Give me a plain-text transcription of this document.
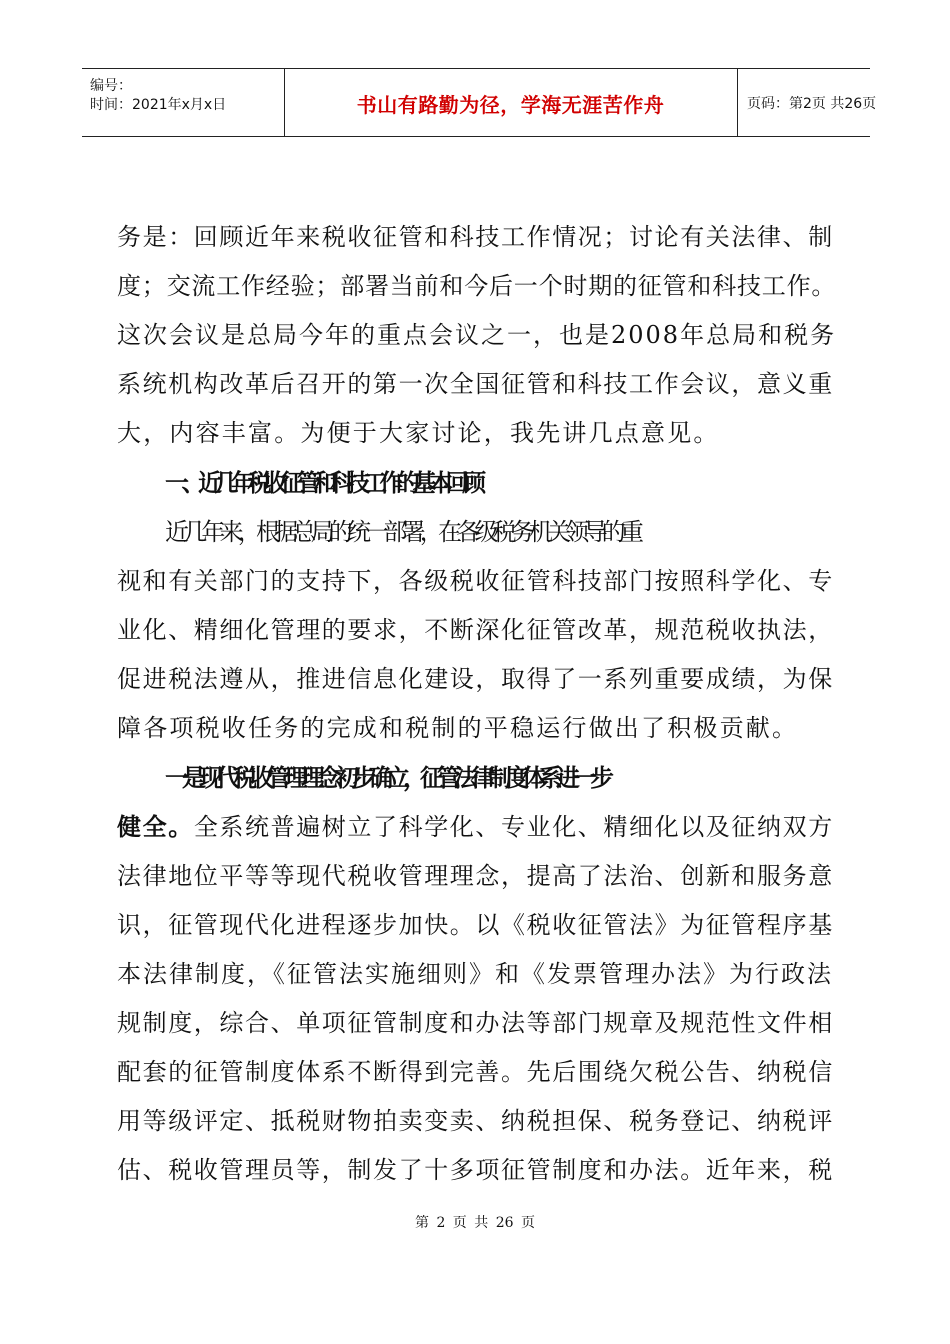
编号：
时间：2021年x月x日	书山有路勤为径，学海无涯苦作舟	页码：第2页 共26页
务是：回顾近年来税收征管和科技工作情况；讨论有关法律、制
度；交流工作经验；部署当前和今后一个时期的征管和科技工作。
这次会议是总局今年的重点会议之一，也是2008年总局和税务
系统机构改革后召开的第一次全国征管和科技工作会议，意义重
大，内容丰富。为便于大家讨论，我先讲几点意见。
一、近几年税收征管和科技工作的基本回顾
近几年来，根据总局的统一部署，在各级税务机关领导的重
视和有关部门的支持下，各级税收征管科技部门按照科学化、专
业化、精细化管理的要求，不断深化征管改革，规范税收执法，
促进税法遵从，推进信息化建设，取得了一系列重要成绩，为保
障各项税收任务的完成和税制的平稳运行做出了积极贡献。
一是现代税收管理理念初步确立，征管法律制度体系进一步
健全。全系统普遍树立了科学化、专业化、精细化以及征纳双方
法律地位平等等现代税收管理理念，提高了法治、创新和服务意
识，征管现代化进程逐步加快。以《税收征管法》为征管程序基
本法律制度，《征管法实施细则》和《发票管理办法》为行政法
规制度，综合、单项征管制度和办法等部门规章及规范性文件相
配套的征管制度体系不断得到完善。先后围绕欠税公告、纳税信
用等级评定、抵税财物拍卖变卖、纳税担保、税务登记、纳税评
估、税收管理员等，制发了十多项征管制度和办法。近年来，税
第 2 页 共 26 页
